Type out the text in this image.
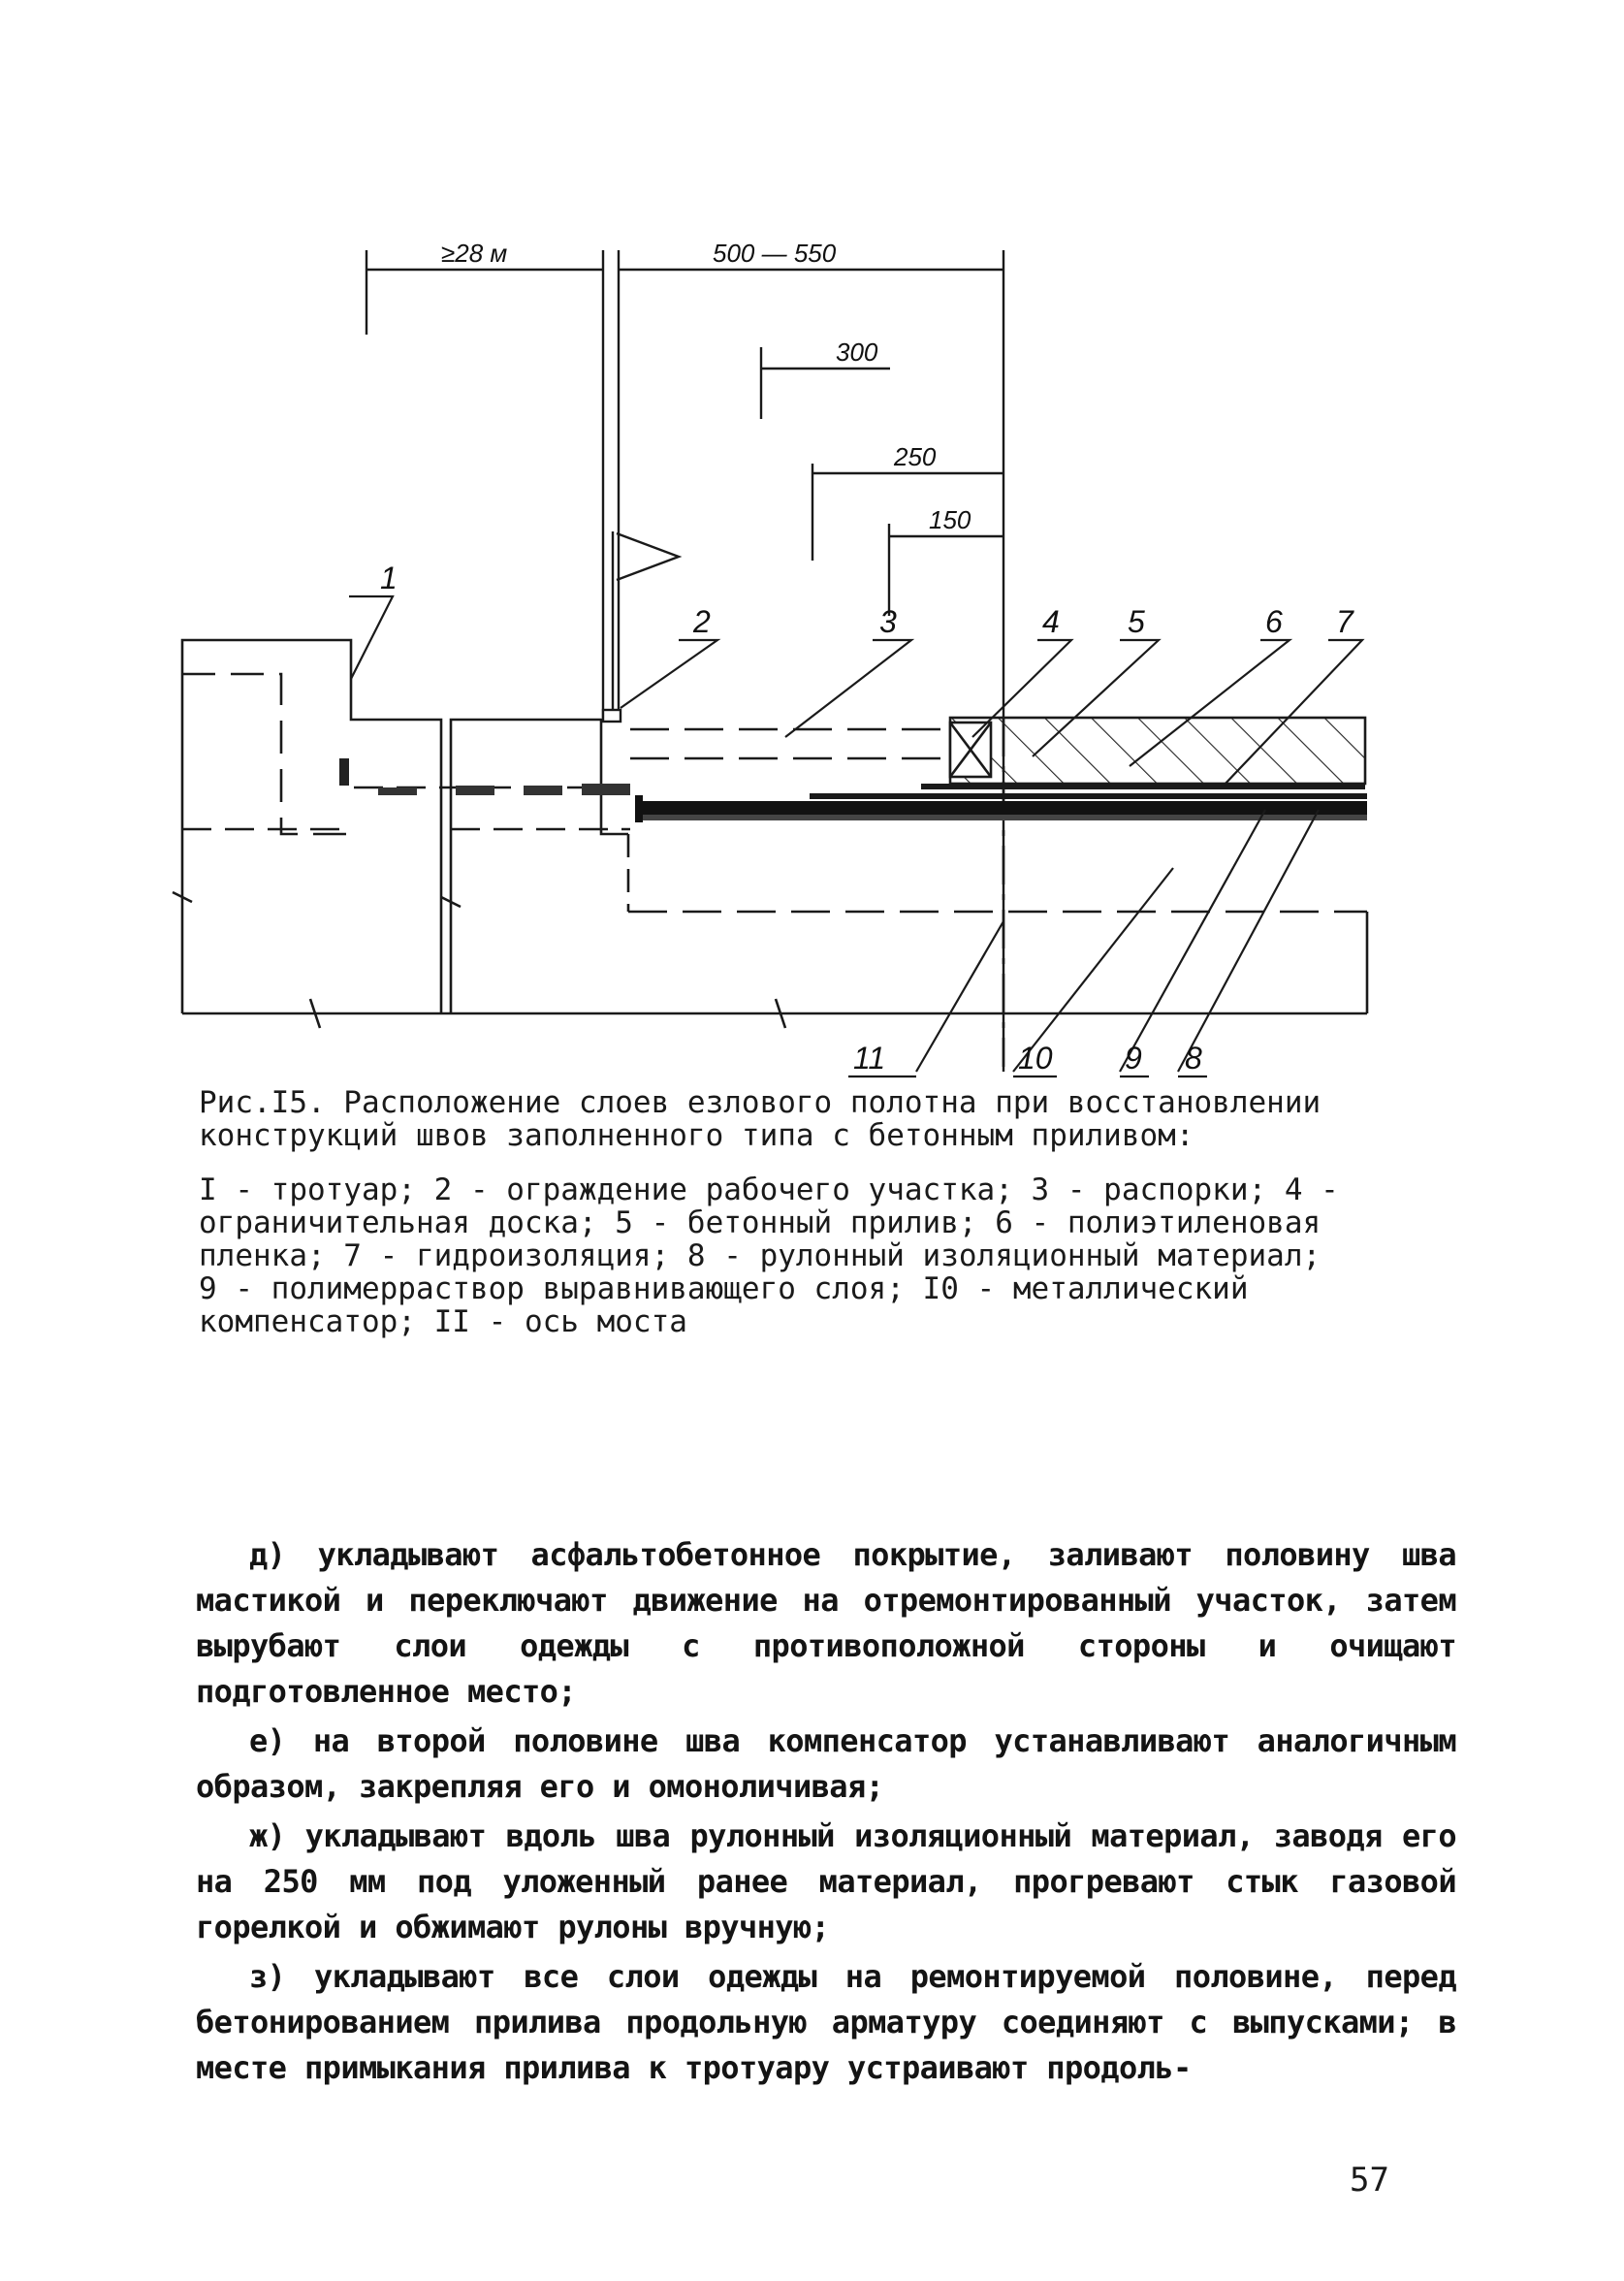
≥28 м	500 — 550
300
250
150
1
2	3	4 5	6 7
8
9
10
11

Рис.I5. Расположение слоев езлового полотна при восстановлении конструкций швов заполненного типа с бетонным приливом:

I - тротуар; 2 - ограждение рабочего участка; 3 - распорки; 4 - ограничительная доска; 5 - бетонный прилив; 6 - полиэтиленовая пленка; 7 - гидроизоляция; 8 - рулонный изоляционный материал; 9 - полимерраствор выравнивающего слоя; I0 - металлический компенсатор; II - ось моста

д) укладывают асфальтобетонное покрытие, заливают половину шва мастикой и переключают движение на отремонтированный участок, затем вырубают слои одежды с противоположной стороны и очищают подготовленное место;

е) на второй половине шва компенсатор устанавливают аналогичным образом, закрепляя его и омоноличивая;

ж) укладывают вдоль шва рулонный изоляционный материал, заводя его на 250 мм под уложенный ранее материал, прогревают стык газовой горелкой и обжимают рулоны вручную;

з) укладывают все слои одежды на ремонтируемой половине, перед бетонированием прилива продольную арматуру соединяют с выпусками; в месте примыкания прилива к тротуару устраивают продоль-

57
